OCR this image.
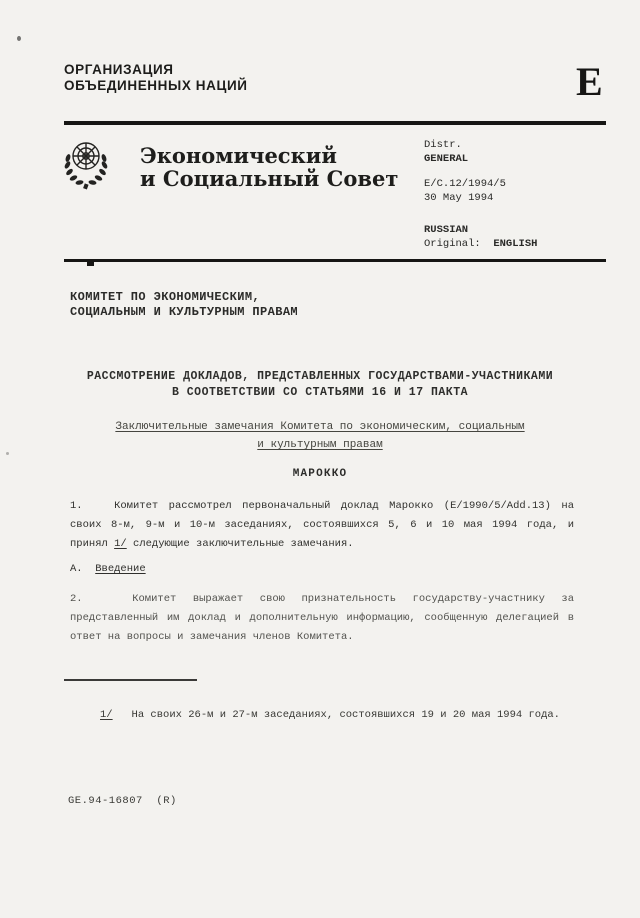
ОРГАНИЗАЦИЯ
ОБЪЕДИНЕННЫХ НАЦИЙ	E
Экономический
и Социальный Совет
Distr.
GENERAL
E/C.12/1994/5
30 May 1994
RUSSIAN
Original: ENGLISH
КОМИТЕТ ПО ЭКОНОМИЧЕСКИМ,
СОЦИАЛЬНЫМ И КУЛЬТУРНЫМ ПРАВАМ
РАССМОТРЕНИЕ ДОКЛАДОВ, ПРЕДСТАВЛЕННЫХ ГОСУДАРСТВАМИ-УЧАСТНИКАМИ
В СООТВЕТСТВИИ СО СТАТЬЯМИ 16 И 17 ПАКТА
Заключительные замечания Комитета по экономическим, социальным
и культурным правам
МАРОККО
1.   Комитет рассмотрел первоначальный доклад Марокко (E/1990/5/Add.13) на своих 8-м, 9-м и 10-м заседаниях, состоявшихся 5, 6 и 10 мая 1994 года, и принял 1/ следующие заключительные замечания.
A.  Введение
2.   Комитет выражает свою признательность государству-участнику за представленный им доклад и дополнительную информацию, сообщенную делегацией в ответ на вопросы и замечания членов Комитета.
1/   На своих 26-м и 27-м заседаниях, состоявшихся 19 и 20 мая 1994 года.
GE.94-16807  (R)
